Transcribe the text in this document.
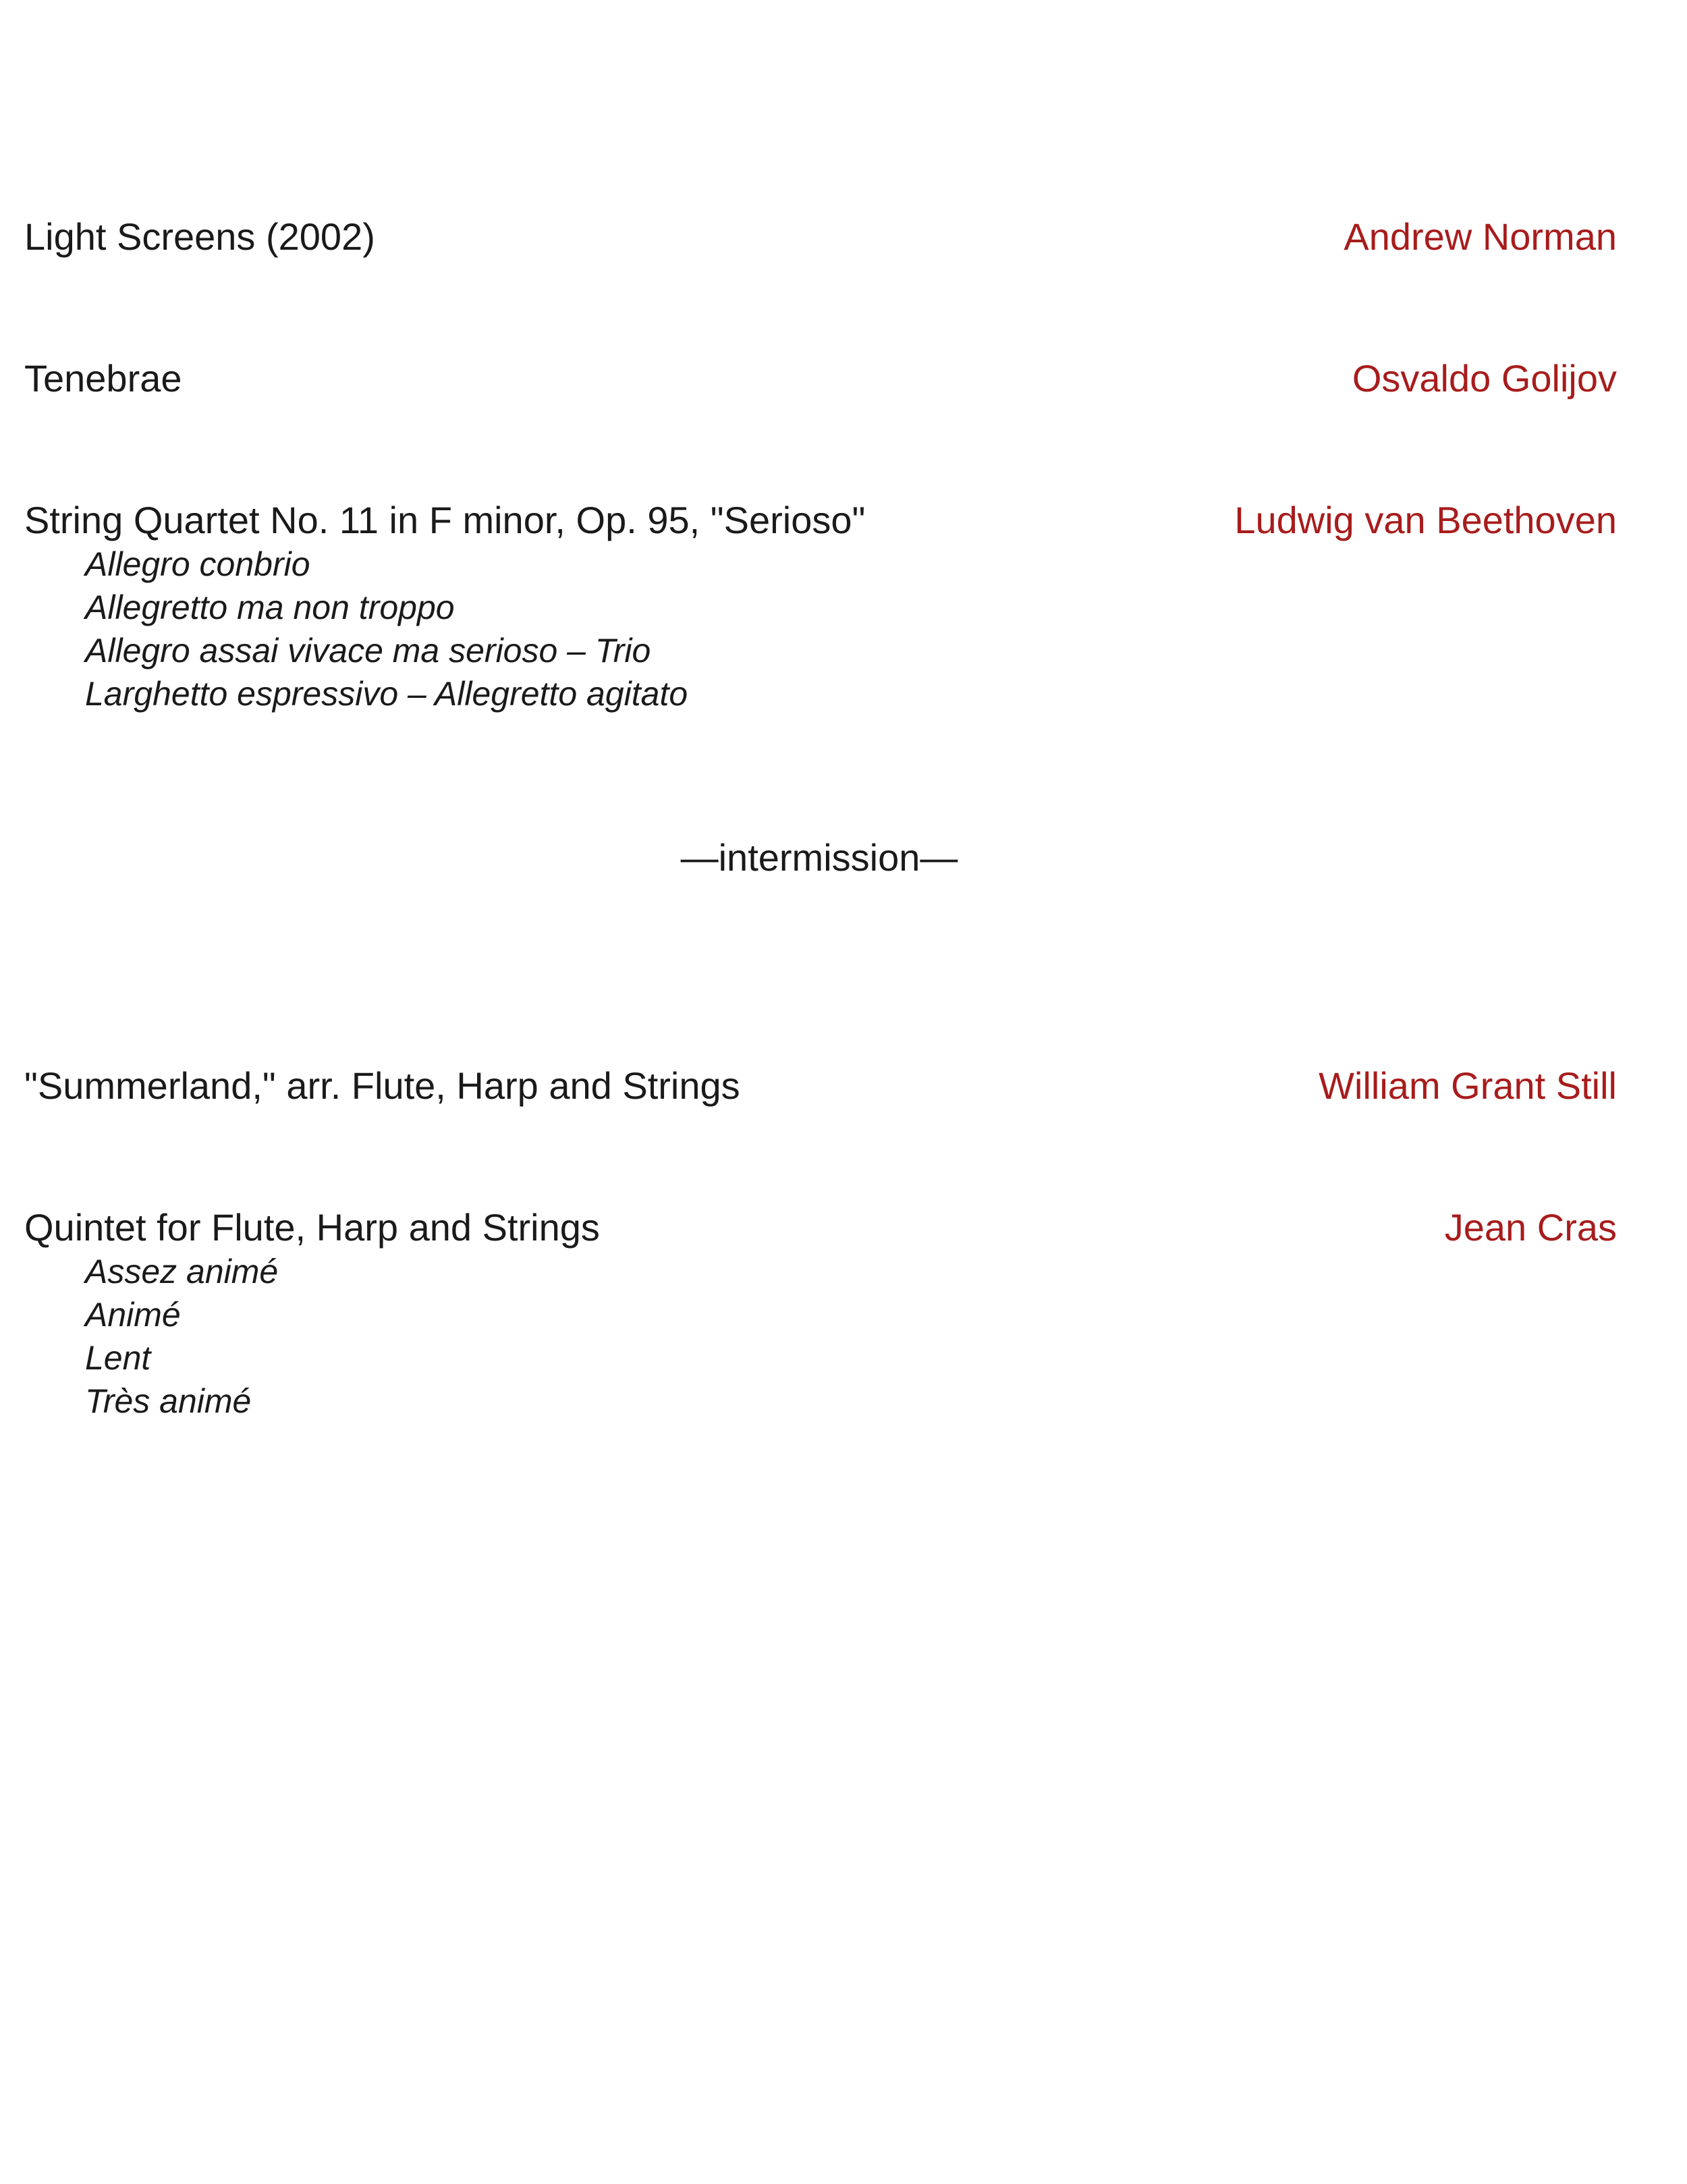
Light Screens (2002)	Andrew Norman
Tenebrae	Osvaldo Golijov
String Quartet No. 11 in F minor, Op. 95, "Serioso"	Ludwig van Beethoven
Allegro conbrio
Allegretto ma non troppo
Allegro assai vivace ma serioso – Trio
Larghetto espressivo – Allegretto agitato
"Summerland," arr. Flute, Harp and Strings	William Grant Still
Quintet for Flute, Harp and Strings	Jean Cras
Assez animé
Animé
Lent
Très animé
—intermission—
